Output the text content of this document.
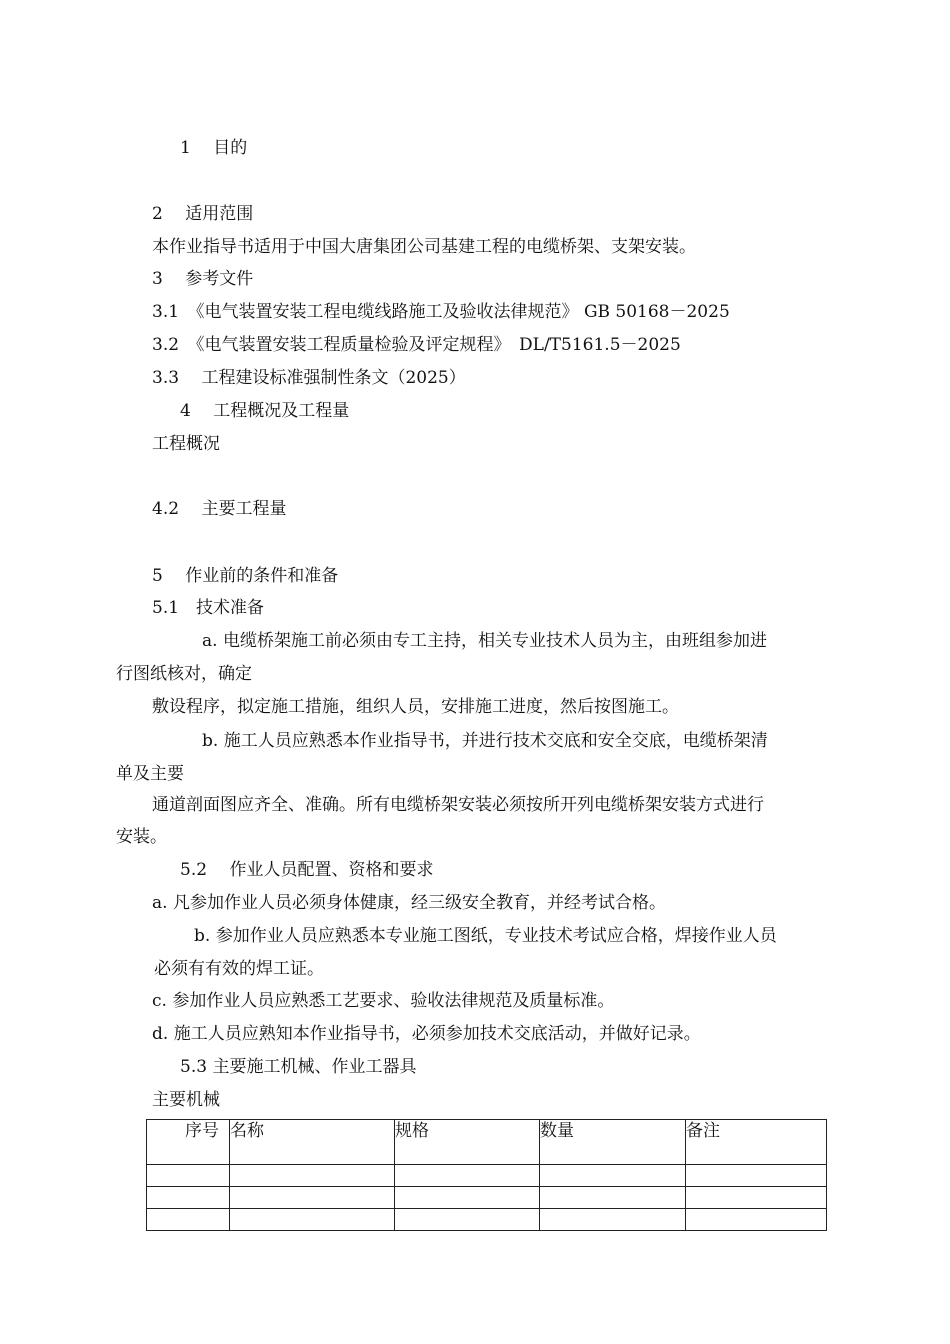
1　 目的
2　 适用范围
本作业指导书适用于中国大唐集团公司基建工程的电缆桥架、支架安装。
3　 参考文件
3.1　《电气装置安装工程电缆线路施工及验收法律规范》 GB 50168－2025
3.2　《电气装置安装工程质量检验及评定规程》　DL/T5161.5－2025
3.3　 工程建设标准强制性条文（2025）
4　 工程概况及工程量
工程概况
4.2　 主要工程量
5　 作业前的条件和准备
5.1　技术准备
a. 电缆桥架施工前必须由专工主持，相关专业技术人员为主，由班组参加进
行图纸核对，确定
敷设程序，拟定施工措施，组织人员，安排施工进度，然后按图施工。
b. 施工人员应熟悉本作业指导书，并进行技术交底和安全交底，电缆桥架清
单及主要
通道剖面图应齐全、准确。所有电缆桥架安装必须按所开列电缆桥架安装方式进行
安装。
5.2　 作业人员配置、资格和要求
a. 凡参加作业人员必须身体健康，经三级安全教育，并经考试合格。
b. 参加作业人员应熟悉本专业施工图纸，专业技术考试应合格，焊接作业人员
必须有有效的焊工证。
c. 参加作业人员应熟悉工艺要求、验收法律规范及质量标准。
d. 施工人员应熟知本作业指导书，必须参加技术交底活动，并做好记录。
5.3 主要施工机械、作业工器具
主要机械
序号	名称	规格	数量	备注
